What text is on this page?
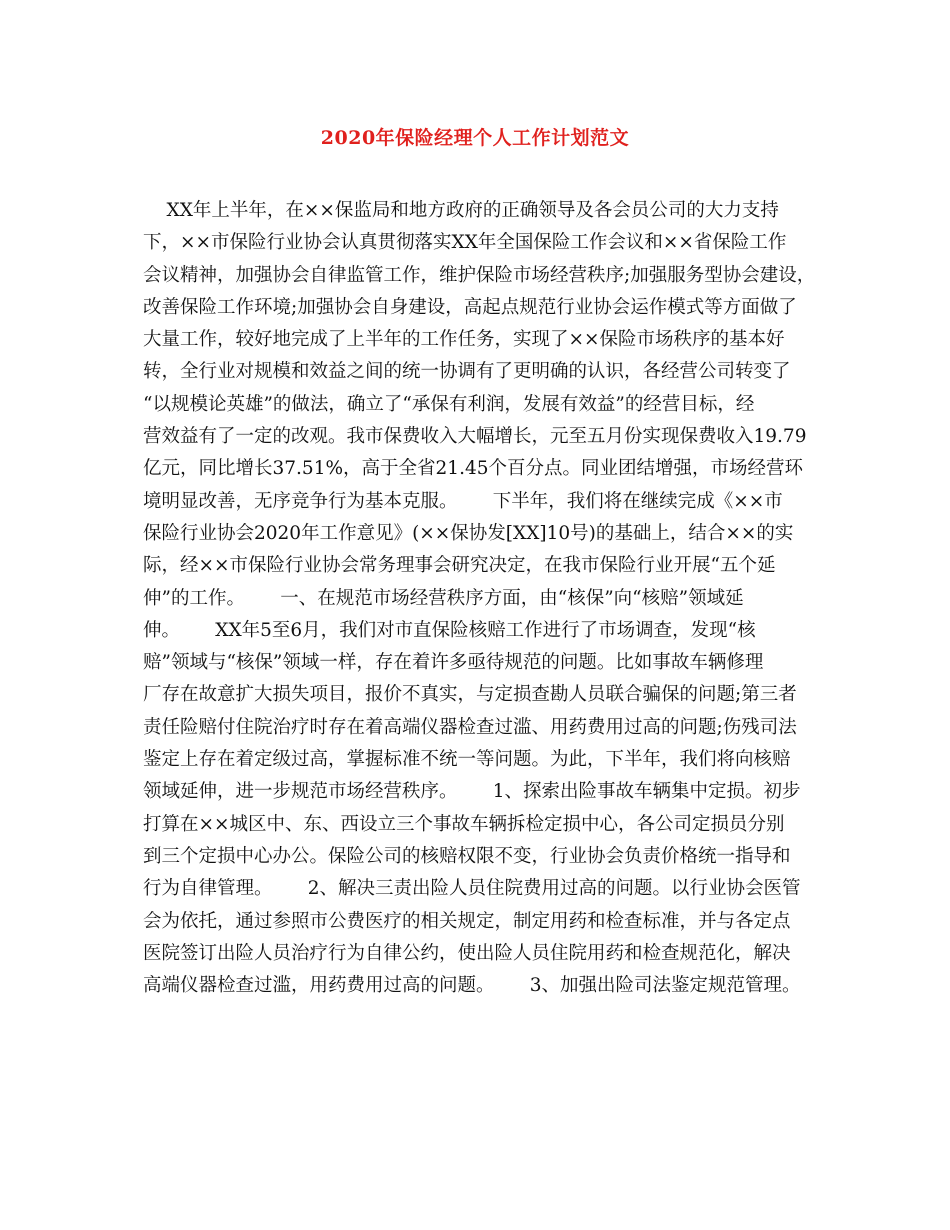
2020年保险经理个人工作计划范文
XX年上半年，在××保监局和地方政府的正确领导及各会员公司的大力支持
下，××市保险行业协会认真贯彻落实XX年全国保险工作会议和××省保险工作
会议精神，加强协会自律监管工作，维护保险市场经营秩序;加强服务型协会建设，
改善保险工作环境;加强协会自身建设，高起点规范行业协会运作模式等方面做了
大量工作，较好地完成了上半年的工作任务，实现了××保险市场秩序的基本好
转，全行业对规模和效益之间的统一协调有了更明确的认识，各经营公司转变了
“以规模论英雄”的做法，确立了“承保有利润，发展有效益”的经营目标，经
营效益有了一定的改观。我市保费收入大幅增长，元至五月份实现保费收入19.79
亿元，同比增长37.51%，高于全省21.45个百分点。同业团结增强，市场经营环
境明显改善，无序竞争行为基本克服。      下半年，我们将在继续完成《××市
保险行业协会2020年工作意见》(××保协发[XX]10号)的基础上，结合××的实
际，经××市保险行业协会常务理事会研究决定，在我市保险行业开展“五个延
伸”的工作。      一、在规范市场经营秩序方面，由“核保”向“核赔”领域延
伸。      XX年5至6月，我们对市直保险核赔工作进行了市场调查，发现“核
赔”领域与“核保”领域一样，存在着许多亟待规范的问题。比如事故车辆修理
厂存在故意扩大损失项目，报价不真实，与定损查勘人员联合骗保的问题;第三者
责任险赔付住院治疗时存在着高端仪器检查过滥、用药费用过高的问题;伤残司法
鉴定上存在着定级过高，掌握标准不统一等问题。为此，下半年，我们将向核赔
领域延伸，进一步规范市场经营秩序。      1、探索出险事故车辆集中定损。初步
打算在××城区中、东、西设立三个事故车辆拆检定损中心，各公司定损员分别
到三个定损中心办公。保险公司的核赔权限不变，行业协会负责价格统一指导和
行为自律管理。      2、解决三责出险人员住院费用过高的问题。以行业协会医管
会为依托，通过参照市公费医疗的相关规定，制定用药和检查标准，并与各定点
医院签订出险人员治疗行为自律公约，使出险人员住院用药和检查规范化，解决
高端仪器检查过滥，用药费用过高的问题。      3、加强出险司法鉴定规范管理。
